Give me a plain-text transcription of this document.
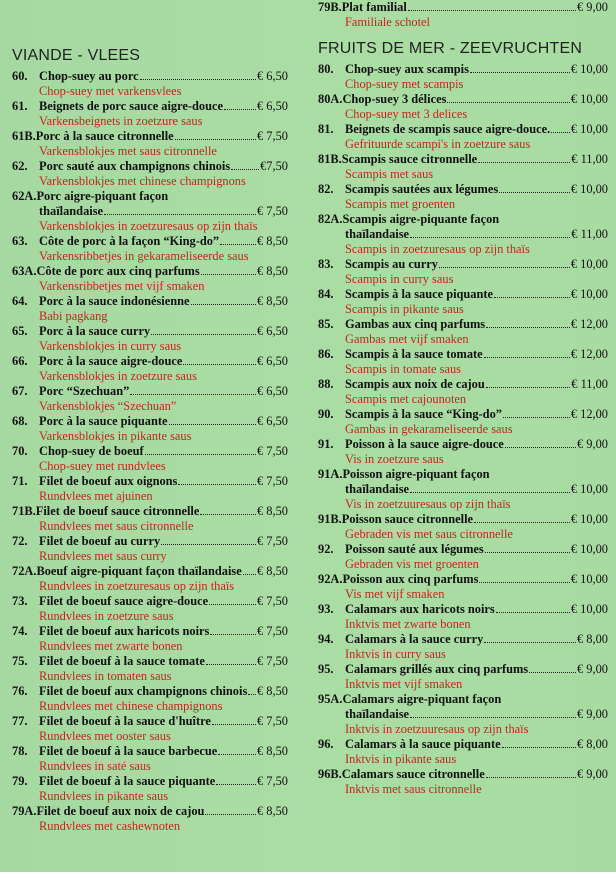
VIANDE - VLEES
60. Chop-suey au porc	€ 6,50
Chop-suey met varkensvlees
61. Beignets de porc sauce aigre-douce	€ 6,50
Varkensbeignets in zoetzure saus
61B. Porc à la sauce citronnelle	€ 7,50
Varkensblokjes met saus citronnelle
62. Porc sauté aux champignons chinois €7,50
Varkensblokjes met chinese champignons
62A. Porc aigre-piquant façon
thaïlandaise	€ 7,50
Varkensblokjes in zoetzuresaus op zijn thaïs
63. Côte de porc à la façon “King-do”	€ 8,50
Varkensribbetjes in gekarameliseerde saus
63A. Côte de porc aux cinq parfums	€ 8,50
Varkensribbetjes met vijf smaken
64. Porc à la sauce indonésienne	€ 8,50
Babi pagkang
65. Porc à la sauce curry	€ 6,50
Varkensblokjes in curry saus
66. Porc à la sauce aigre-douce	€ 6,50
Varkensblokjes in zoetzure saus
67. Porc “Szechuan”	€ 6,50
Varkensblokjes “Szechuan”
68. Porc à la sauce piquante	€ 6,50
Varkensblokjes in pikante saus
70. Chop-suey de boeuf	€ 7,50
Chop-suey met rundvlees
71. Filet de boeuf aux oignons	€ 7,50
Rundvlees met ajuinen
71B. Filet de boeuf sauce citronnelle	€ 8,50
Rundvlees met saus citronnelle
72. Filet de boeuf au curry	€ 7,50
Rundvlees met saus curry
72A. Boeuf aigre-piquant façon thaïlandaise € 8,50
Rundvlees in zoetzuresaus op zijn thaïs
73. Filet de boeuf sauce aigre-douce	€ 7,50
Rundvlees in zoetzure saus
74. Filet de boeuf aux haricots noirs	€ 7,50
Rundvlees met zwarte bonen
75. Filet de boeuf à la sauce tomate	€ 7,50
Rundvlees in tomaten saus
76. Filet de boeuf aux champignons chinois € 8,50
Rundvlees met chinese champignons
77. Filet de boeuf à la sauce d'huître	€ 7,50
Rundvlees met ooster saus
78. Filet de boeuf à la sauce barbecue	€ 8,50
Rundvlees in saté saus
79. Filet de boeuf à la sauce piquante	€ 7,50
Rundvlees in pikante saus
79A. Filet de boeuf aux noix de cajou	€ 8,50
Rundvlees met cashewnoten
79B. Plat familial	€ 9,00
Familiale schotel
FRUITS DE MER - ZEEVRUCHTEN
80. Chop-suey aux scampis	€ 10,00
Chop-suey met scampis
80A. Chop-suey 3 délices	€ 10,00
Chop-suey met 3 delices
81. Beignets de scampis sauce aigre-douce. € 10,00
Gefrituurde scampi's in zoetzure saus
81B. Scampis sauce citronnelle	€ 11,00
Scampis met saus
82. Scampis sautées aux légumes	€ 10,00
Scampis met groenten
82A. Scampis aigre-piquante façon
thaïlandaise	€ 11,00
Scampis in zoetzuresaus op zijn thaïs
83. Scampis au curry	€ 10,00
Scampis in curry saus
84. Scampis à la sauce piquante	€ 10,00
Scampis in pikante saus
85. Gambas aux cinq parfums	€ 12,00
Gambas met vijf smaken
86. Scampis à la sauce tomate	€ 12,00
Scampis in tomate saus
88. Scampis aux noix de cajou	€ 11,00
Scampis met cajounoten
90. Scampis à la sauce “King-do”	€ 12,00
Gambas in gekarameliseerde saus
91. Poisson à la sauce aigre-douce	€ 9,00
Vis in zoetzure saus
91A. Poisson aigre-piquant façon
thaïlandaise	€ 10,00
Vis in zoetzuuresaus op zijn thaïs
91B. Poisson sauce citronnelle	€ 10,00
Gebraden vis met saus citronnelle
92. Poisson sauté aux légumes	€ 10,00
Gebraden vis met groenten
92A. Poisson aux cinq parfums	€ 10,00
Vis met vijf smaken
93. Calamars aux haricots noirs	€ 10,00
Inktvis met zwarte bonen
94. Calamars à la sauce curry	€ 8,00
Inktvis in curry saus
95. Calamars grillés aux cinq parfums	€ 9,00
Inktvis met vijf smaken
95A. Calamars aigre-piquant façon
thaïlandaise	€ 9,00
Inktvis in zoetzuuresaus op zijn thaïs
96. Calamars à la sauce piquante	€ 8,00
Inktvis in pikante saus
96B. Calamars sauce citronnelle	€ 9,00
Inktvis met saus citronnelle
